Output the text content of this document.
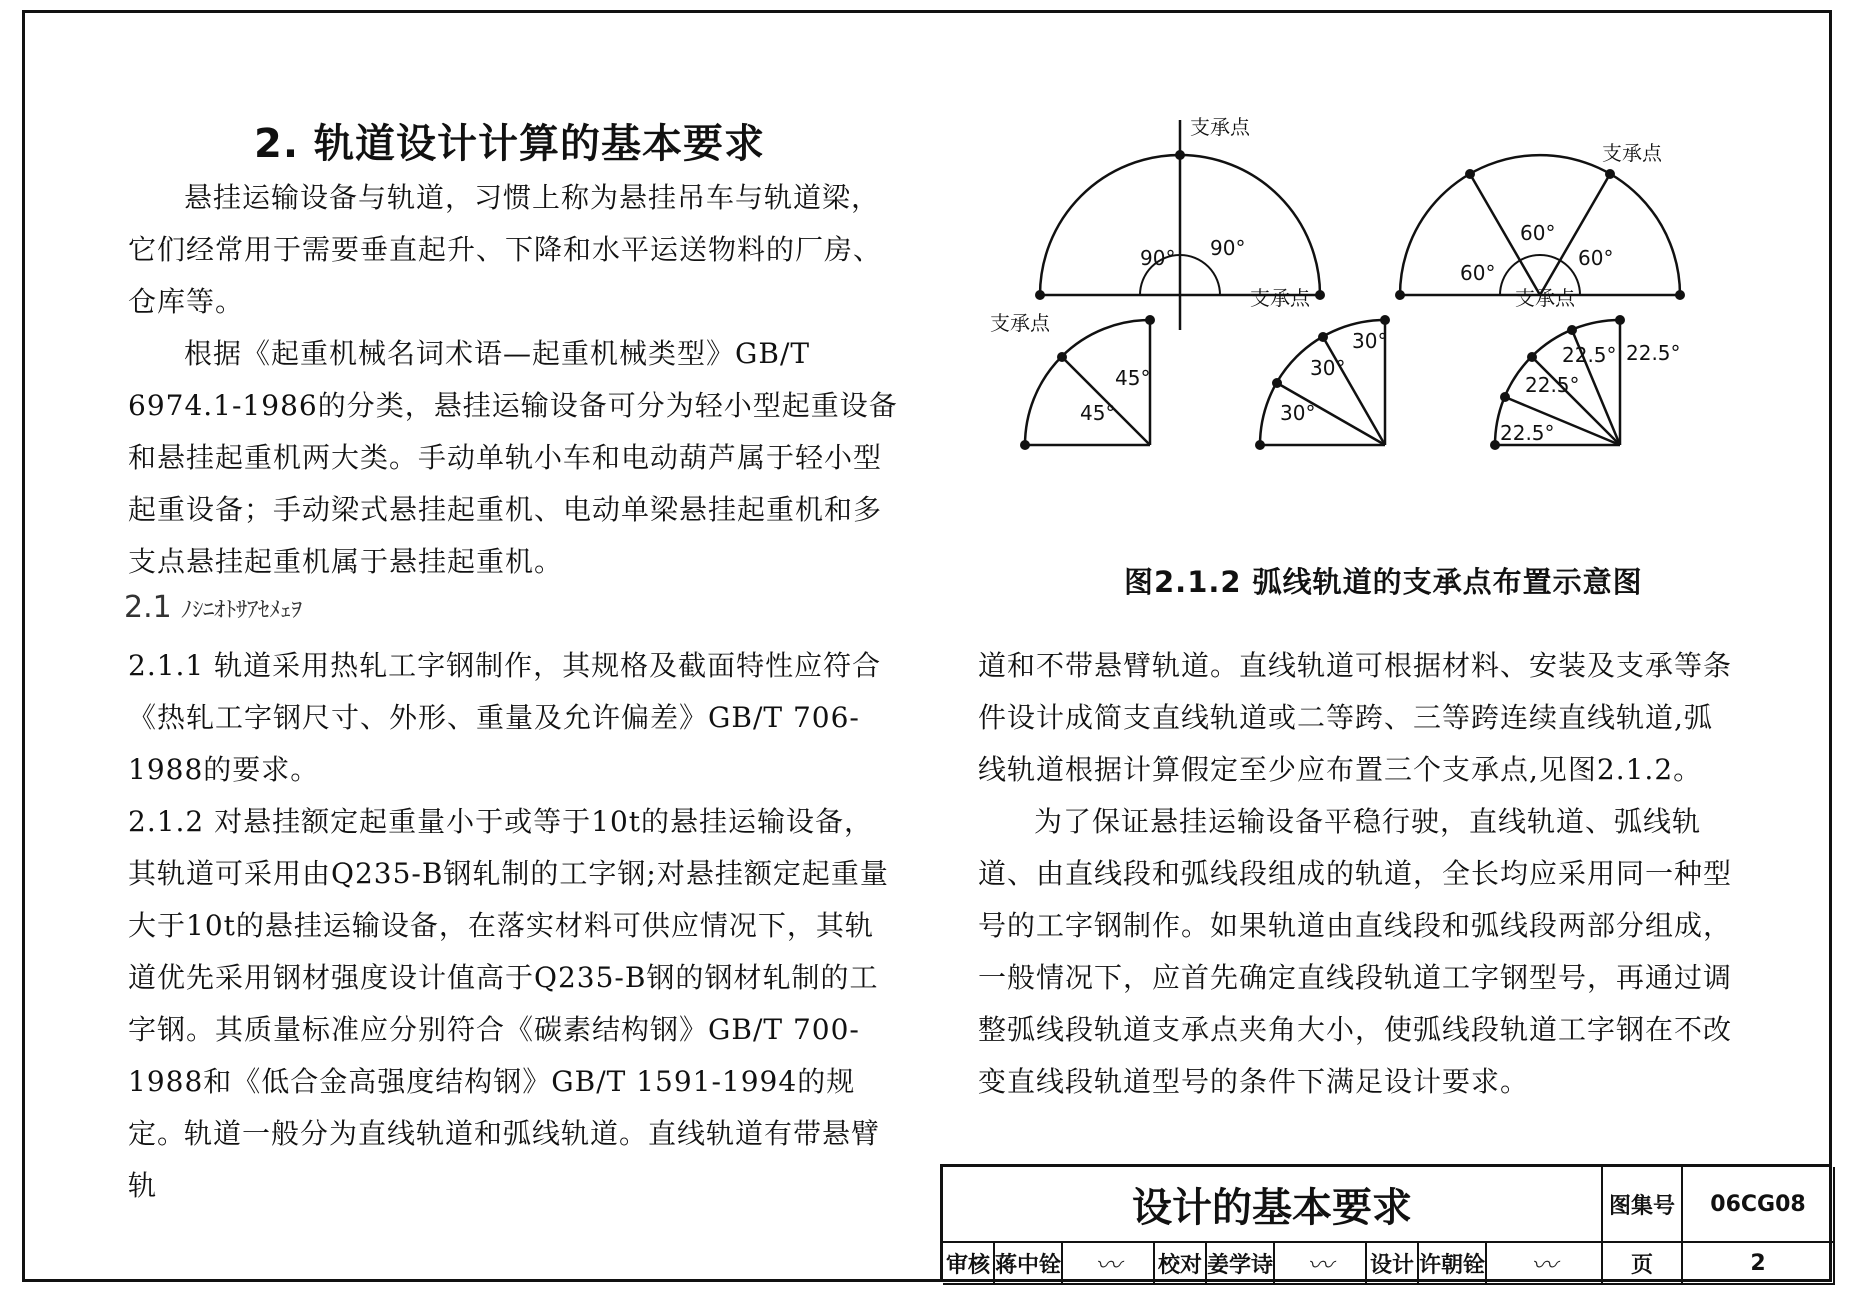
2. 轨道设计计算的基本要求

悬挂运输设备与轨道，习惯上称为悬挂吊车与轨道梁，它们经常用于需要垂直起升、下降和水平运送物料的厂房、仓库等。

根据《起重机械名词术语—起重机械类型》GB/T 6974.1-1986的分类，悬挂运输设备可分为轻小型起重设备和悬挂起重机两大类。手动单轨小车和电动葫芦属于轻小型起重设备；手动梁式悬挂起重机、电动单梁悬挂起重机和多支点悬挂起重机属于悬挂起重机。

2.1 ﾉｼﾆｵﾄｻｱｾﾒｪｦ

2.1.1 轨道采用热轧工字钢制作，其规格及截面特性应符合《热轧工字钢尺寸、外形、重量及允许偏差》GB/T 706-1988的要求。

2.1.2 对悬挂额定起重量小于或等于10t的悬挂运输设备，其轨道可采用由Q235-B钢轧制的工字钢;对悬挂额定起重量大于10t的悬挂运输设备，在落实材料可供应情况下，其轨道优先采用钢材强度设计值高于Q235-B钢的钢材轧制的工字钢。其质量标准应分别符合《碳素结构钢》GB/T 700-1988和《低合金高强度结构钢》GB/T 1591-1994的规定。

轨道一般分为直线轨道和弧线轨道。直线轨道有带悬臂轨

支承点
支承点
支承点
支承点	支承点
90° 90°
60°
60°
60°
45°
45°
30°
30°
30°
22.5°
22.5°
22.5° 22.5°
图2.1.2 弧线轨道的支承点布置示意图

道和不带悬臂轨道。直线轨道可根据材料、安装及支承等条件设计成简支直线轨道或二等跨、三等跨连续直线轨道,弧线轨道根据计算假定至少应布置三个支承点,见图2.1.2。

为了保证悬挂运输设备平稳行驶，直线轨道、弧线轨道、由直线段和弧线段组成的轨道，全长均应采用同一种型号的工字钢制作。如果轨道由直线段和弧线段两部分组成，一般情况下，应首先确定直线段轨道工字钢型号，再通过调整弧线段轨道支承点夹角大小，使弧线段轨道工字钢在不改变直线段轨道型号的条件下满足设计要求。

设计的基本要求	图集号	06CG08
审核 蒋中铨	〰	校对 姜学诗	〰	设计 许朝铨	〰	页	2
